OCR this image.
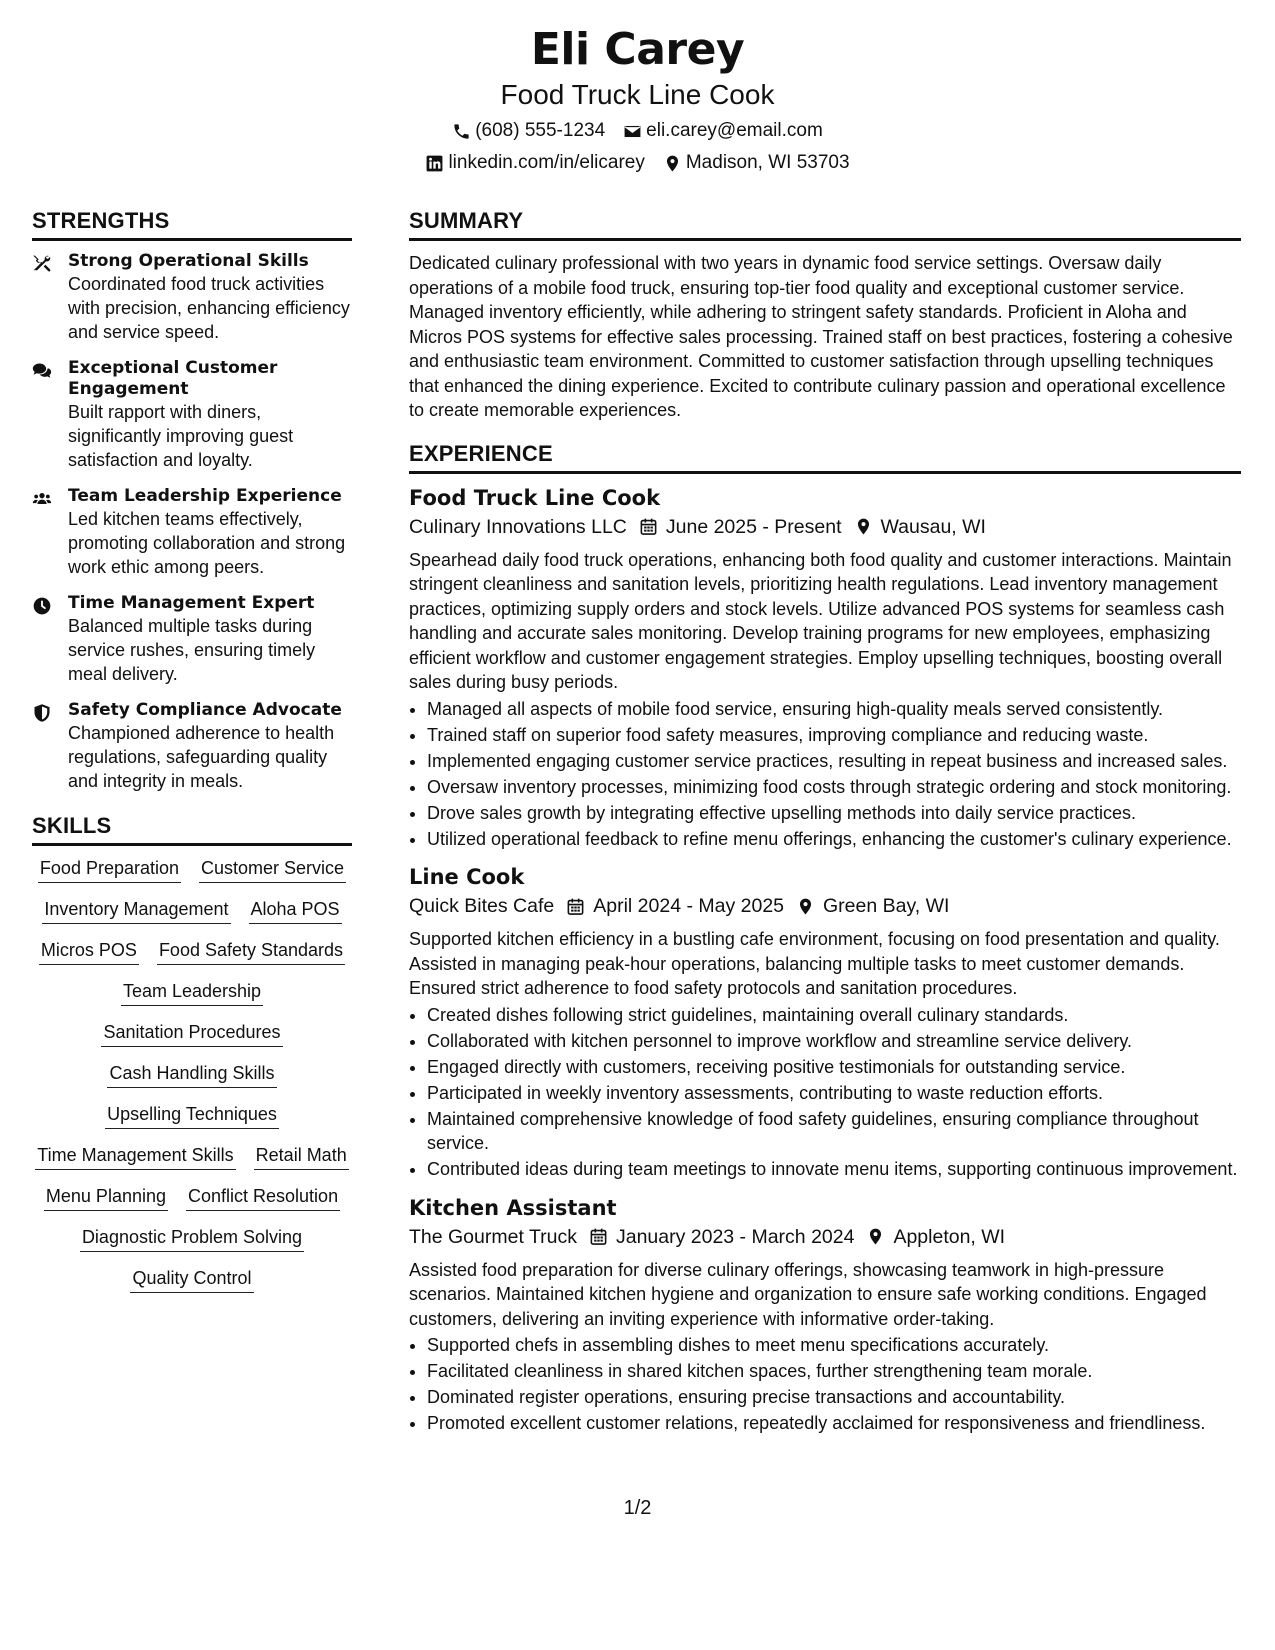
Eli Carey
Food Truck Line Cook
(608) 555-1234 eli.carey@email.com
linkedin.com/in/elicarey Madison, WI 53703
STRENGTHS
Strong Operational Skills
Coordinated food truck activities with precision, enhancing efficiency and service speed.
Exceptional Customer Engagement
Built rapport with diners, significantly improving guest satisfaction and loyalty.
Team Leadership Experience
Led kitchen teams effectively, promoting collaboration and strong work ethic among peers.
Time Management Expert
Balanced multiple tasks during service rushes, ensuring timely meal delivery.
Safety Compliance Advocate
Championed adherence to health regulations, safeguarding quality and integrity in meals.
SKILLS
Food Preparation Customer Service
Inventory Management Aloha POS
Micros POS Food Safety Standards
Team Leadership
Sanitation Procedures
Cash Handling Skills
Upselling Techniques
Time Management Skills Retail Math
Menu Planning Conflict Resolution
Diagnostic Problem Solving
Quality Control
SUMMARY

Dedicated culinary professional with two years in dynamic food service settings. Oversaw daily operations of a mobile food truck, ensuring top-tier food quality and exceptional customer service. Managed inventory efficiently, while adhering to stringent safety standards. Proficient in Aloha and Micros POS systems for effective sales processing. Trained staff on best practices, fostering a cohesive and enthusiastic team environment. Committed to customer satisfaction through upselling techniques that enhanced the dining experience. Excited to contribute culinary passion and operational excellence to create memorable experiences.

EXPERIENCE
Food Truck Line Cook
Culinary Innovations LLC June 2025 - Present Wausau, WI

Spearhead daily food truck operations, enhancing both food quality and customer interactions. Maintain stringent cleanliness and sanitation levels, prioritizing health regulations. Lead inventory management practices, optimizing supply orders and stock levels. Utilize advanced POS systems for seamless cash handling and accurate sales monitoring. Develop training programs for new employees, emphasizing efficient workflow and customer engagement strategies. Employ upselling techniques, boosting overall sales during busy periods.

• Managed all aspects of mobile food service, ensuring high-quality meals served consistently.
• Trained staff on superior food safety measures, improving compliance and reducing waste.
• Implemented engaging customer service practices, resulting in repeat business and increased sales.
• Oversaw inventory processes, minimizing food costs through strategic ordering and stock monitoring.
• Drove sales growth by integrating effective upselling methods into daily service practices.
• Utilized operational feedback to refine menu offerings, enhancing the customer's culinary experience.
Line Cook
Quick Bites Cafe April 2024 - May 2025 Green Bay, WI

Supported kitchen efficiency in a bustling cafe environment, focusing on food presentation and quality. Assisted in managing peak-hour operations, balancing multiple tasks to meet customer demands. Ensured strict adherence to food safety protocols and sanitation procedures.

• Created dishes following strict guidelines, maintaining overall culinary standards.
• Collaborated with kitchen personnel to improve workflow and streamline service delivery.
• Engaged directly with customers, receiving positive testimonials for outstanding service.
• Participated in weekly inventory assessments, contributing to waste reduction efforts.
• Maintained comprehensive knowledge of food safety guidelines, ensuring compliance throughout service.
• Contributed ideas during team meetings to innovate menu items, supporting continuous improvement.
Kitchen Assistant
The Gourmet Truck January 2023 - March 2024 Appleton, WI

Assisted food preparation for diverse culinary offerings, showcasing teamwork in high-pressure scenarios. Maintained kitchen hygiene and organization to ensure safe working conditions. Engaged customers, delivering an inviting experience with informative order-taking.

• Supported chefs in assembling dishes to meet menu specifications accurately.
• Facilitated cleanliness in shared kitchen spaces, further strengthening team morale.
• Dominated register operations, ensuring precise transactions and accountability.
• Promoted excellent customer relations, repeatedly acclaimed for responsiveness and friendliness.
1/2
